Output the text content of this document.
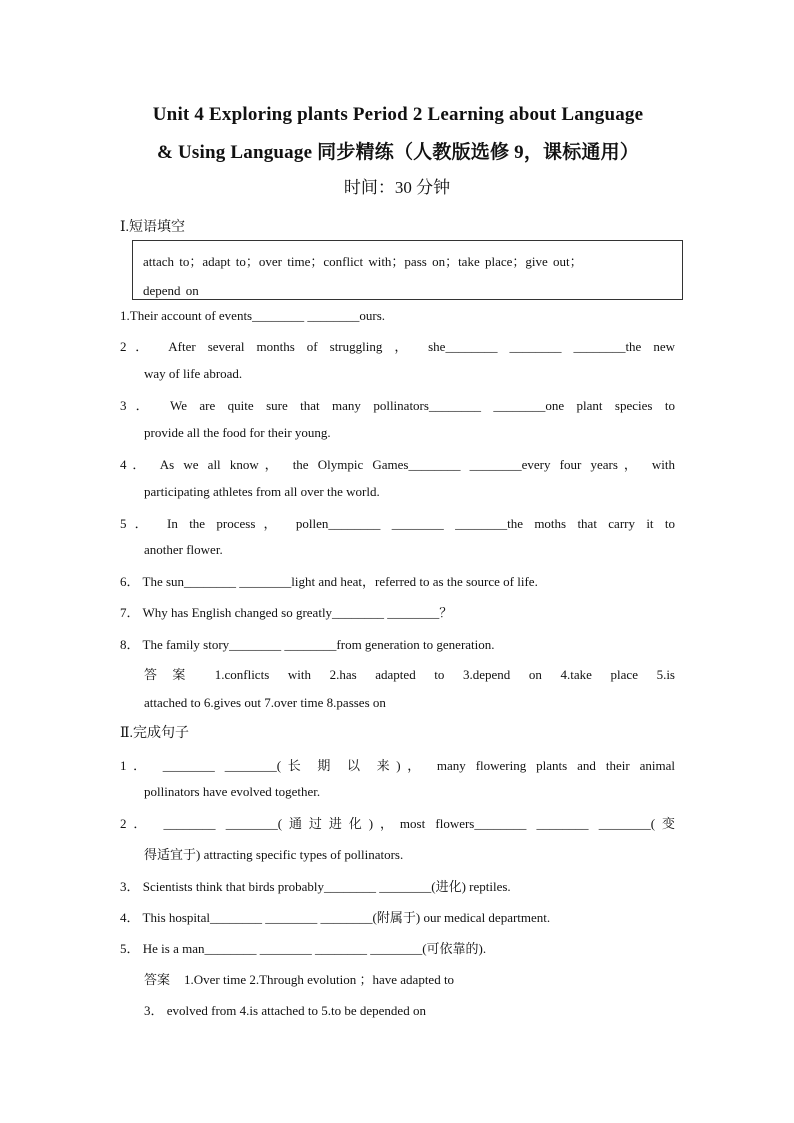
Unit 4 Exploring plants Period 2 Learning about Language
& Using Language 同步精练（人教版选修 9，课标通用）
时间：30 分钟
Ⅰ.短语填空
attach to；adapt to；over time；conflict with；pass on；take place；give out；
depend on
1.Their account of events________ ________ours.
2． After several months of struggling ， she________ ________ ________the new
way of life abroad.
3． We are quite sure that many pollinators________ ________one plant species to
provide all the food for their young.
4． As we all know， the Olympic Games________ ________every four years， with
participating athletes from all over the world.
5． In the process， pollen________ ________ ________the moths that carry it to
another flower.
6． The sun________ ________light and heat，referred to as the source of life.
7． Why has English changed so greatly________ ________？
8． The family story________ ________from generation to generation.
答案 1.conflicts with 2.has adapted to 3.depend on 4.take place 5.is
attached to 6.gives out 7.over time 8.passes on
Ⅱ.完成句子
1． ________ ________(长 期 以 来)， many flowering plants and their animal
pollinators have evolved together.
2． ________ ________(通过进化)，most flowers________ ________ ________(变
得适宜于) attracting specific types of pollinators.
3． Scientists think that birds probably________ ________(进化) reptiles.
4． This hospital________ ________ ________(附属于) our medical department.
5． He is a man________ ________ ________ ________(可依靠的).
答案 1.Over time 2.Through evolution ；have adapted to
3． evolved from 4.is attached to 5.to be depended on
